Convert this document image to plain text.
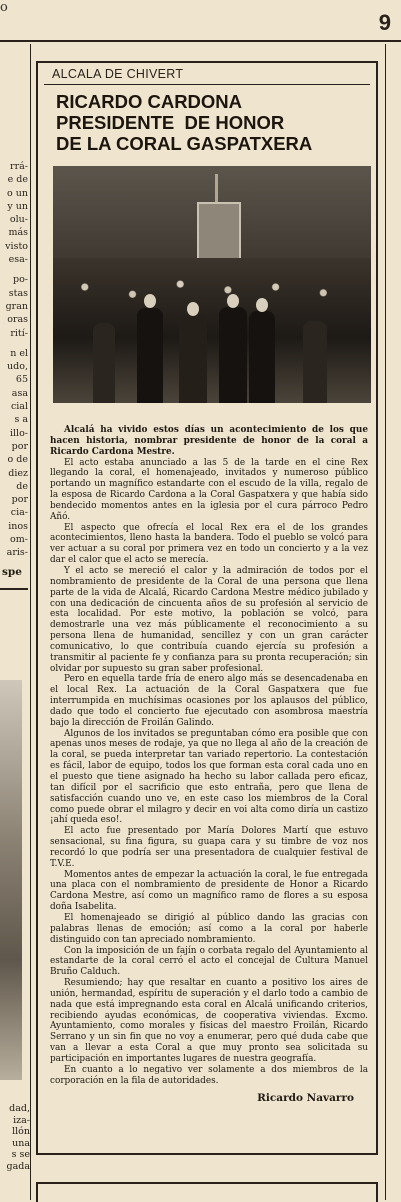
o
9
rrá-
e de
o un
y un
olu-
más
visto
esa-
po-
stas
gran
oras
rití-
n el
udo,
65
asa
cial
s a
illo-
por
o de
diez
de
por
cia-
inos
om-
aris-
spe
dad,
iza-
llón
una
s se
gada
ALCALA DE CHIVERT
RICARDO CARDONA
PRESIDENTE  DE HONOR
DE LA CORAL GASPATXERA

Alcalá ha vivido estos días un acontecimiento de los que hacen historia, nombrar presidente de honor de la coral a Ricardo Cardona Mestre.

El acto estaba anunciado a las 5 de la tarde en el cine Rex llegando la coral, el homenajeado, invitados y numeroso público portando un magnífico estandarte con el escudo de la villa, regalo de la esposa de Ricardo Cardona a la Coral Gaspatxera y que había sido bendecido momentos antes en la iglesia por el cura párroco Pedro Añó.

El aspecto que ofrecía el local Rex era el de los grandes acontecimientos, lleno hasta la bandera. Todo el pueblo se volcó para ver actuar a su coral por primera vez en todo un concierto y a la vez dar el calor que el acto se merecía.

Y el acto se mereció el calor y la admiración de todos por el nombramiento de presidente de la Coral de una persona que llena parte de la vida de Alcalá, Ricardo Cardona Mestre médico jubilado y con una dedicación de cincuenta años de su profesión al servicio de esta localidad. Por este motivo, la población se volcó, para demostrarle una vez más públicamente el reconocimiento a su persona llena de humanidad, sencillez y con un gran carácter comunicativo, lo que contribuía cuando ejercía su profesión a transmitir al paciente fe y confianza para su pronta recuperación; sin olvidar por supuesto su gran saber profesional.

Pero en equella tarde fría de enero algo más se desencadenaba en el local Rex. La actuación de la Coral Gaspatxera que fue interrumpida en muchísimas ocasiones por los aplausos del público, dado que todo el concierto fue ejecutado con asombrosa maestría bajo la dirección de Froilán Galindo.

Algunos de los invitados se preguntaban cómo era posible que con apenas unos meses de rodaje, ya que no llega al año de la creación de la coral, se pueda interpretar tan variado repertorio. La contestación es fácil, labor de equipo, todos los que forman esta coral cada uno en el puesto que tiene asignado ha hecho su labor callada pero eficaz, tan difícil por el sacrificio que esto entraña, pero que llena de satisfacción cuando uno ve, en este caso los miembros de la Coral como puede obrar el milagro y decir en voi alta como diría un castizo ¡ahí queda eso!.

El acto fue presentado por María Dolores Martí que estuvo sensacional, su fina figura, su guapa cara y su timbre de voz nos recordó lo que podría ser una presentadora de cualquier festival de T.V.E.

Momentos antes de empezar la actuación la coral, le fue entregada una placa con el nombramiento de presidente de Honor a Ricardo Cardona Mestre, así como un magnífico ramo de flores a su esposa doña Isabelita.

El homenajeado se dirigió al público dando las gracias con palabras llenas de emoción; así como a la coral por haberle distinguido con tan apreciado nombramiento.

Con la imposición de un fajín o corbata regalo del Ayuntamiento al estandarte de la coral cerró el acto el concejal de Cultura Manuel Bruño Calduch.

Resumiendo; hay que resaltar en cuanto a positivo los aires de unión, hermandad, espíritu de superación y el darlo todo a cambio de nada que está impregnando esta coral en Alcalá unificando criterios, recibiendo ayudas económicas, de cooperativa viviendas. Excmo. Ayuntamiento, como morales y físicas del maestro Froilán, Ricardo Serrano y un sin fin que no voy a enumerar, pero qué duda cabe que van a llevar a esta Coral a que muy pronto sea solicitada su participación en importantes lugares de nuestra geografía.

En cuanto a lo negativo ver solamente a dos miembros de la corporación en la fila de autoridades.

Ricardo Navarro
